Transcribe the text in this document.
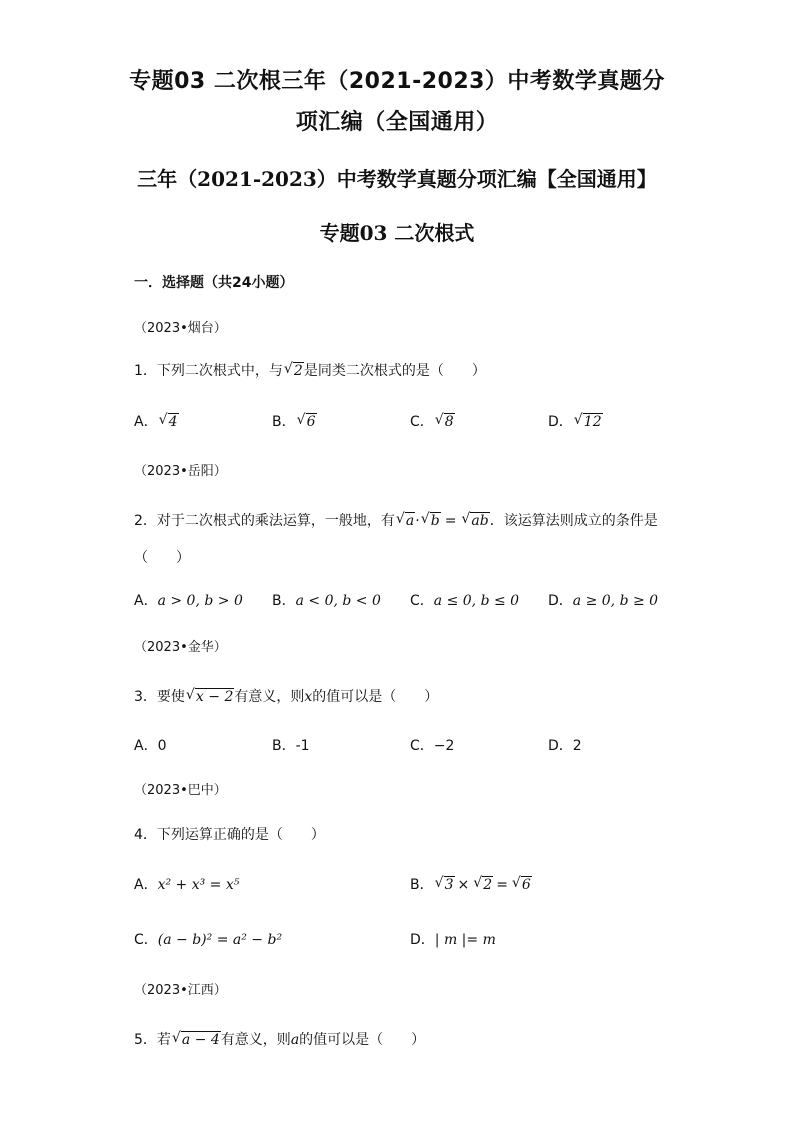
专题03 二次根三年（2021-2023）中考数学真题分
项汇编（全国通用）
三年（2021-2023）中考数学真题分项汇编【全国通用】
专题03 二次根式
一．选择题（共24小题）
（2023•烟台）
1．下列二次根式中，与 √ 2是同类二次根式的是（　　）
A． √ 4	B． √ 6	C． √ 8	D． √ 12
（2023•岳阳）
2．对于二次根式的乘法运算，一般地，有 √ a· √ b = √ ab．该运算法则成立的条件是
（　　）
A．a > 0, b > 0 B．a < 0, b < 0 C．a ≤ 0, b ≤ 0 D．a ≥ 0, b ≥ 0
（2023•金华）
3．要使 √ x − 2有意义，则x的值可以是（　　）
A．0	B．-1	C．−2	D．2
（2023•巴中）
4．下列运算正确的是（　　）
A．x² + x³ = x⁵	B． √ 3 × √ 2 = √ 6
C．(a − b)² = a² − b²	D．| m |= m
（2023•江西）
5．若 √ a − 4有意义，则a的值可以是（　　）
